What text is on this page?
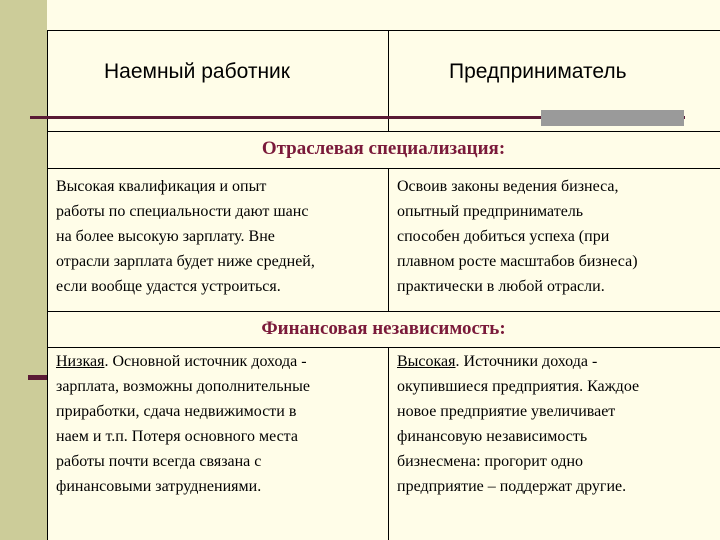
Наемный работник	Предприниматель
Отраслевая специализация:
Высокая квалификация и опыт
работы по специальности дают шанс
на более высокую зарплату. Вне
отрасли зарплата будет ниже средней,
если вообще удастся устроиться.
Освоив законы ведения бизнеса,
опытный предприниматель
способен добиться успеха (при
плавном росте масштабов бизнеса)
практически в любой отрасли.
Финансовая независимость:
Низкая. Основной источник дохода -
зарплата, возможны дополнительные
приработки, сдача недвижимости в
наем и т.п. Потеря основного места
работы почти всегда связана с
финансовыми затруднениями.
Высокая. Источники дохода -
окупившиеся предприятия. Каждое
новое предприятие увеличивает
финансовую независимость
бизнесмена: прогорит одно
предприятие – поддержат другие.
